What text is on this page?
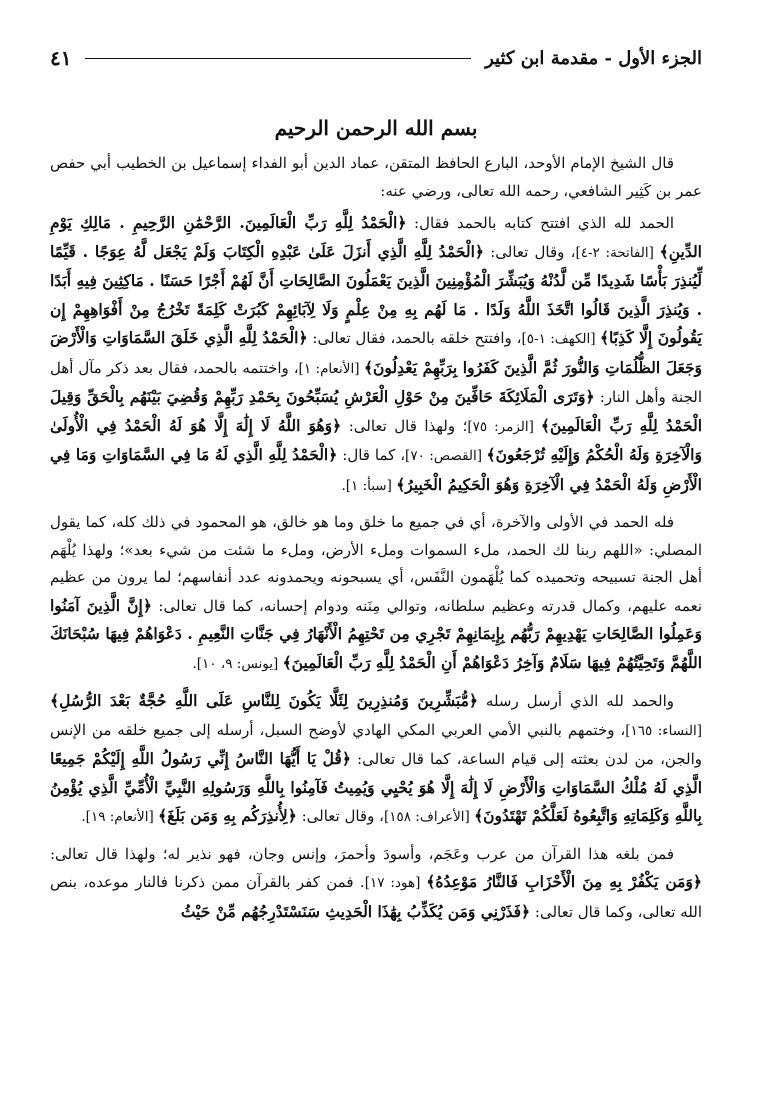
الجزء الأول - مقدمة ابن كثير
٤١
بسم الله الرحمن الرحيم

قال الشيخ الإمام الأوحد، البارع الحافظ المتقن، عماد الدين أبو الفداء إسماعيل بن الخطيب أبي حفص عمر بن كَثِير الشافعي، رحمه الله تعالى، ورضي عنه:

الحمد لله الذي افتتح كتابه بالحمد فقال: ﴿الْحَمْدُ لِلَّهِ رَبِّ الْعَالَمِينَ. الرَّحْمَٰنِ الرَّحِيمِ . مَالِكِ يَوْمِ الدِّينِ﴾ [الفاتحة: ٢-٤]، وقال تعالى: ﴿الْحَمْدُ لِلَّهِ الَّذِي أَنزَلَ عَلَىٰ عَبْدِهِ الْكِتَابَ وَلَمْ يَجْعَل لَّهُ عِوَجًا . قَيِّمًا لِّيُنذِرَ بَأْسًا شَدِيدًا مِّن لَّدُنْهُ وَيُبَشِّرَ الْمُؤْمِنِينَ الَّذِينَ يَعْمَلُونَ الصَّالِحَاتِ أَنَّ لَهُمْ أَجْرًا حَسَنًا . مَاكِثِينَ فِيهِ أَبَدًا . وَيُنذِرَ الَّذِينَ قَالُوا اتَّخَذَ اللَّهُ وَلَدًا . مَا لَهُم بِهِ مِنْ عِلْمٍ وَلَا لِآبَائِهِمْ كَبُرَتْ كَلِمَةً تَخْرُجُ مِنْ أَفْوَاهِهِمْ إِن يَقُولُونَ إِلَّا كَذِبًا﴾ [الكهف: ١-٥]، وافتتح خلقه بالحمد، فقال تعالى: ﴿الْحَمْدُ لِلَّهِ الَّذِي خَلَقَ السَّمَاوَاتِ وَالْأَرْضَ وَجَعَلَ الظُّلُمَاتِ وَالنُّورَ ثُمَّ الَّذِينَ كَفَرُوا بِرَبِّهِمْ يَعْدِلُونَ﴾ [الأنعام: ١]، واختتمه بالحمد، فقال بعد ذكر مآل أهل الجنة وأهل النار: ﴿وَتَرَى الْمَلَائِكَةَ حَافِّينَ مِنْ حَوْلِ الْعَرْشِ يُسَبِّحُونَ بِحَمْدِ رَبِّهِمْ وَقُضِيَ بَيْنَهُم بِالْحَقِّ وَقِيلَ الْحَمْدُ لِلَّهِ رَبِّ الْعَالَمِينَ﴾ [الزمر: ٧٥]؛ ولهذا قال تعالى: ﴿وَهُوَ اللَّهُ لَا إِلَٰهَ إِلَّا هُوَ لَهُ الْحَمْدُ فِي الْأُولَىٰ وَالْآخِرَةِ وَلَهُ الْحُكْمُ وَإِلَيْهِ تُرْجَعُونَ﴾ [القصص: ٧٠]، كما قال: ﴿الْحَمْدُ لِلَّهِ الَّذِي لَهُ مَا فِي السَّمَاوَاتِ وَمَا فِي الْأَرْضِ وَلَهُ الْحَمْدُ فِي الْآخِرَةِ وَهُوَ الْحَكِيمُ الْخَبِيرُ﴾ [سبأ: ١].

فله الحمد في الأولى والآخرة، أي في جميع ما خلق وما هو خالق، هو المحمود في ذلك كله، كما يقول المصلي: «اللهم ربنا لك الحمد، ملء السموات وملء الأرض، وملء ما شئت من شيء بعد»؛ ولهذا يُلْهَم أهل الجنة تسبيحه وتحميده كما يُلْهَمون النَّفَس، أي يسبحونه ويحمدونه عدد أنفاسهم؛ لما يرون من عظيم نعمه عليهم، وكمال قدرته وعظيم سلطانه، وتوالي مِنَنه ودوام إحسانه، كما قال تعالى: ﴿إِنَّ الَّذِينَ آمَنُوا وَعَمِلُوا الصَّالِحَاتِ يَهْدِيهِمْ رَبُّهُم بِإِيمَانِهِمْ تَجْرِي مِن تَحْتِهِمُ الْأَنْهَارُ فِي جَنَّاتِ النَّعِيمِ . دَعْوَاهُمْ فِيهَا سُبْحَانَكَ اللَّهُمَّ وَتَحِيَّتُهُمْ فِيهَا سَلَامٌ وَآخِرُ دَعْوَاهُمْ أَنِ الْحَمْدُ لِلَّهِ رَبِّ الْعَالَمِينَ﴾ [يونس: ٩، ١٠].

والحمد لله الذي أرسل رسله ﴿مُّبَشِّرِينَ وَمُنذِرِينَ لِئَلَّا يَكُونَ لِلنَّاسِ عَلَى اللَّهِ حُجَّةٌ بَعْدَ الرُّسُلِ﴾ [النساء: ١٦٥]، وختمهم بالنبي الأمي العربي المكي الهادي لأوضح السبل، أرسله إلى جميع خلقه من الإنس والجن، من لدن بعثته إلى قيام الساعة، كما قال تعالى: ﴿قُلْ يَا أَيُّهَا النَّاسُ إِنِّي رَسُولُ اللَّهِ إِلَيْكُمْ جَمِيعًا الَّذِي لَهُ مُلْكُ السَّمَاوَاتِ وَالْأَرْضِ لَا إِلَٰهَ إِلَّا هُوَ يُحْيِي وَيُمِيتُ فَآمِنُوا بِاللَّهِ وَرَسُولِهِ النَّبِيِّ الْأُمِّيِّ الَّذِي يُؤْمِنُ بِاللَّهِ وَكَلِمَاتِهِ وَاتَّبِعُوهُ لَعَلَّكُمْ تَهْتَدُونَ﴾ [الأعراف: ١٥٨]، وقال تعالى: ﴿لِأُنذِرَكُم بِهِ وَمَن بَلَغَ﴾ [الأنعام: ١٩].

فمن بلغه هذا القرآن من عرب وعَجَم، وأسودَ وأحمرَ، وإنس وجان، فهو نذير له؛ ولهذا قال تعالى: ﴿وَمَن يَكْفُرْ بِهِ مِنَ الْأَحْزَابِ فَالنَّارُ مَوْعِدُهُ﴾ [هود: ١٧]. فمن كفر بالقرآن ممن ذكرنا فالنار موعده، بنص الله تعالى، وكما قال تعالى: ﴿فَذَرْنِي وَمَن يُكَذِّبُ بِهَٰذَا الْحَدِيثِ سَنَسْتَدْرِجُهُم مِّنْ حَيْثُ
